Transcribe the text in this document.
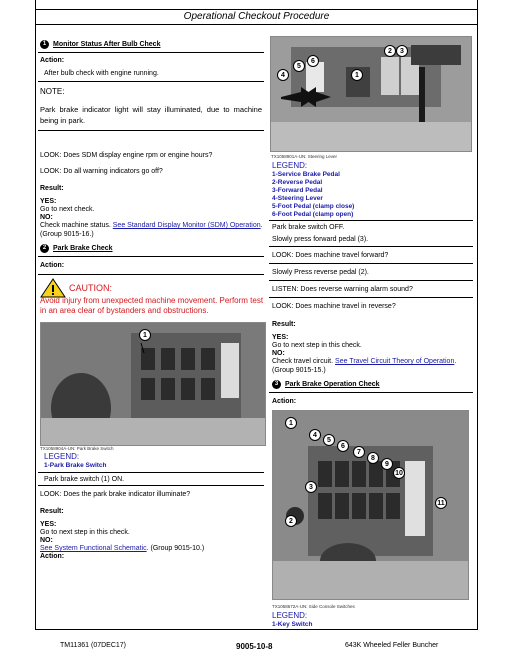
Operational Checkout Procedure
1 Monitor Status After Bulb Check
Action:
After bulb check with engine running.
NOTE:
Park brake indicator light will stay illuminated, due to machine being in park.
LOOK: Does SDM display engine rpm or engine hours?
LOOK: Do all warning indicators go off?
Result:
YES:
Go to next check.
NO:
Check machine status. See Standard Display Monitor (SDM) Operation. (Group 9015-16.)
2 Park Brake Check
Action:
CAUTION:
Avoid injury from unexpected machine movement. Perform test in an area clear of bystanders and obstructions.
1
TX1058904A-UN: Park Brake Switch
LEGEND:
1-Park Brake Switch
Park brake switch (1) ON.
LOOK: Does the park brake indicator illuminate?
Result:
YES:
Go to next step in this check.
NO:
See System Functional Schematic. (Group 9015-10.)
Action:
2	3
6
5
4	1
TX1058901A-UN: Steering Lever
LEGEND:
1-Service Brake Pedal
2-Reverse Pedal
3-Forward Pedal
4-Steering Lever
5-Foot Pedal (clamp close)
6-Foot Pedal (clamp open)
Park brake switch OFF.
Slowly press forward pedal (3).
LOOK: Does machine travel forward?
Slowly Press reverse pedal (2).
LISTEN: Does reverse warning alarm sound?
LOOK: Does machine travel in reverse?
Result:
YES:
Go to next step in this check.
NO:
Check travel circuit. See Travel Circuit Theory of Operation. (Group 9015-15.)
3 Park Brake Operation Check
Action:
1
4
5
6
7
8
9
10
3
11
2
TX1058672A-UN: Side Console Switches
LEGEND:
1-Key Switch
TM11361 (07DEC17)	9005-10-8	643K Wheeled Feller Buncher
